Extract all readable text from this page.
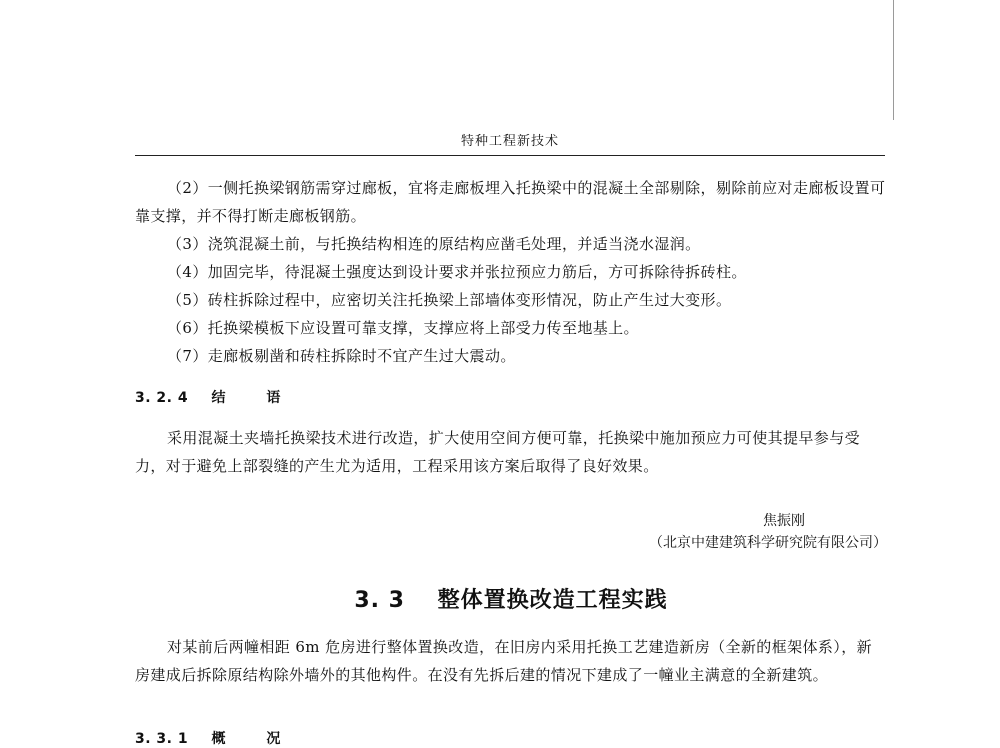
特种工程新技术
（2）一侧托换梁钢筋需穿过廊板，宜将走廊板埋入托换梁中的混凝土全部剔除，剔除前应对走廊板设置可靠支撑，并不得打断走廊板钢筋。
（3）浇筑混凝土前，与托换结构相连的原结构应凿毛处理，并适当浇水湿润。
（4）加固完毕，待混凝土强度达到设计要求并张拉预应力筋后，方可拆除待拆砖柱。
（5）砖柱拆除过程中，应密切关注托换梁上部墙体变形情况，防止产生过大变形。
（6）托换梁模板下应设置可靠支撑，支撑应将上部受力传至地基上。
（7）走廊板剔凿和砖柱拆除时不宜产生过大震动。
3. 2. 4 结 语
采用混凝土夹墙托换梁技术进行改造，扩大使用空间方便可靠，托换梁中施加预应力可使其提早参与受力，对于避免上部裂缝的产生尤为适用，工程采用该方案后取得了良好效果。
焦振刚
（北京中建建筑科学研究院有限公司）
3. 3 整体置换改造工程实践
对某前后两幢相距 6m 危房进行整体置换改造，在旧房内采用托换工艺建造新房（全新的框架体系），新房建成后拆除原结构除外墙外的其他构件。在没有先拆后建的情况下建成了一幢业主满意的全新建筑。
3. 3. 1 概 况
